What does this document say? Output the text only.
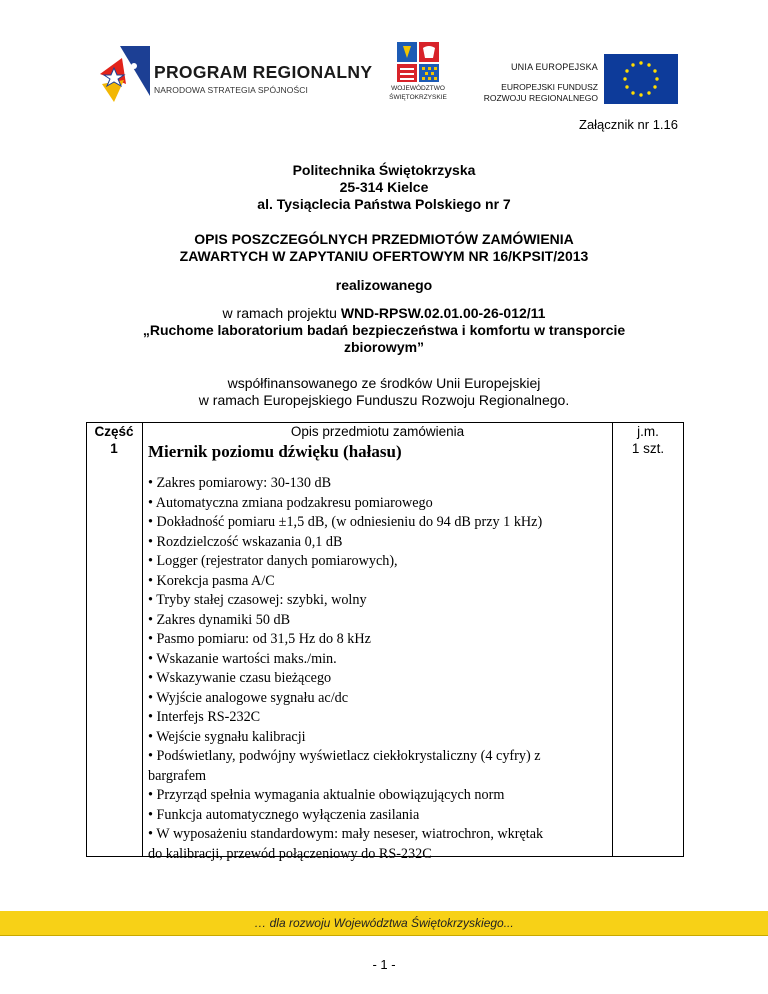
PROGRAM REGIONALNY
NARODOWA STRATEGIA SPÓJNOŚCI	WOJEWÓDZTWO
ŚWIĘTOKRZYSKIE
UNIA EUROPEJSKA
EUROPEJSKI FUNDUSZ
ROZWOJU REGIONALNEGO
Załącznik nr 1.16
Politechnika Świętokrzyska
25-314 Kielce
al. Tysiąclecia Państwa Polskiego nr 7
OPIS POSZCZEGÓLNYCH PRZEDMIOTÓW ZAMÓWIENIA
ZAWARTYCH W ZAPYTANIU OFERTOWYM NR 16/KPSIT/2013
realizowanego
w ramach projektu WND-RPSW.02.01.00-26-012/11
„Ruchome laboratorium badań bezpieczeństwa i komfortu w transporcie
zbiorowym”
współfinansowanego ze środków Unii Europejskiej
w ramach Europejskiego Funduszu Rozwoju Regionalnego.
Część
1
Opis przedmiotu zamówienia	j.m.
1 szt.
Miernik poziomu dźwięku (hałasu)
• Zakres pomiarowy: 30-130 dB
• Automatyczna zmiana podzakresu pomiarowego
• Dokładność pomiaru ±1,5 dB, (w odniesieniu do 94 dB przy 1 kHz)
• Rozdzielczość wskazania 0,1 dB
• Logger (rejestrator danych pomiarowych),
• Korekcja pasma A/C
• Tryby stałej czasowej: szybki, wolny
• Zakres dynamiki 50 dB
• Pasmo pomiaru: od 31,5 Hz do 8 kHz
• Wskazanie wartości maks./min.
• Wskazywanie czasu bieżącego
• Wyjście analogowe sygnału ac/dc
• Interfejs RS-232C
• Wejście sygnału kalibracji
• Podświetlany, podwójny wyświetlacz ciekłokrystaliczny (4 cyfry) z
bargrafem
• Przyrząd spełnia wymagania aktualnie obowiązujących norm
• Funkcja automatycznego wyłączenia zasilania
• W wyposażeniu standardowym: mały neseser, wiatrochron, wkrętak
do kalibracji, przewód połączeniowy do RS-232C
… dla rozwoju Województwa Świętokrzyskiego...
- 1 -
